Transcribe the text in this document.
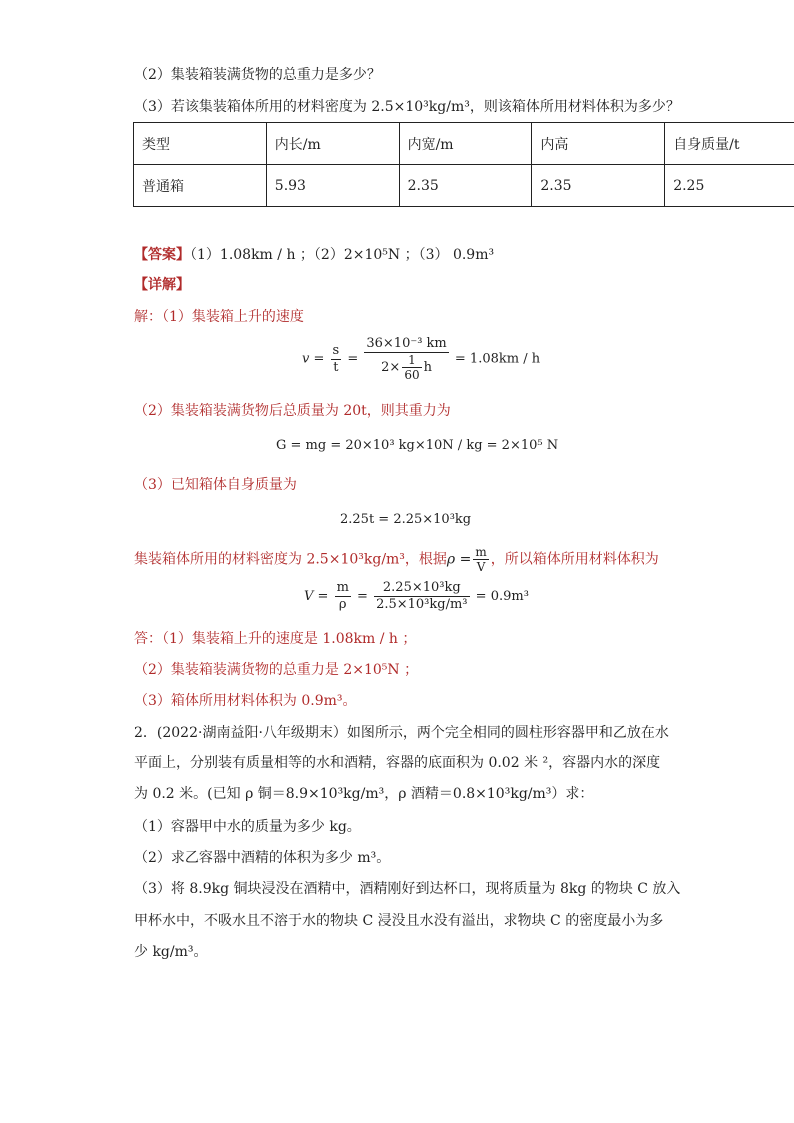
（2）集装箱装满货物的总重力是多少？
（3）若该集装箱体所用的材料密度为 2.5×10³kg/m³，则该箱体所用材料体积为多少？
类型	内长/m	内宽/m	内高	自身质量/t
普通箱	5.93	2.35	2.35	2.25
【答案】（1）1.08km / h ；（2）2×10⁵N ；（3） 0.9m³
【详解】
解：（1）集装箱上升的速度
$v = \frac{s}{t} = \frac{\text{36×10⁻³ km}}{2\times \frac{1}{60} h} = 1.08km / h$
（2）集装箱装满货物后总质量为 20t，则其重力为
G = mg = 20×10³ kg×10N / kg = 2×10⁵ N
（3）已知箱体自身质量为
2.25t = 2.25×10³kg
集装箱体所用的材料密度为 2.5×10³kg/m³，根据$\rho = \frac{m}{V}$ ，所以箱体所用材料体积为
$V = \frac{m}{\rho} = \frac{\text{2.25×10³kg}}{\text{2.5×10³kg/m³}} = 0.9m^3$
答：（1）集装箱上升的速度是 1.08km / h ；
（2）集装箱装满货物的总重力是 2×10⁵N ；
（3）箱体所用材料体积为 0.9m³。
2．(2022·湖南益阳·八年级期末）如图所示，两个完全相同的圆柱形容器甲和乙放在水
平面上，分别装有质量相等的水和酒精，容器的底面积为 0.02 米 ²，容器内水的深度
为 0.2 米。(已知 ρ 铜＝8.9×10³kg/m³，ρ 酒精＝0.8×10³kg/m³）求：
（1）容器甲中水的质量为多少 kg。
（2）求乙容器中酒精的体积为多少 m³。
（3）将 8.9kg 铜块浸没在酒精中，酒精刚好到达杯口，现将质量为 8kg 的物块 C 放入
甲杯水中，不吸水且不溶于水的物块 C 浸没且水没有溢出，求物块 C 的密度最小为多
少 kg/m³。
